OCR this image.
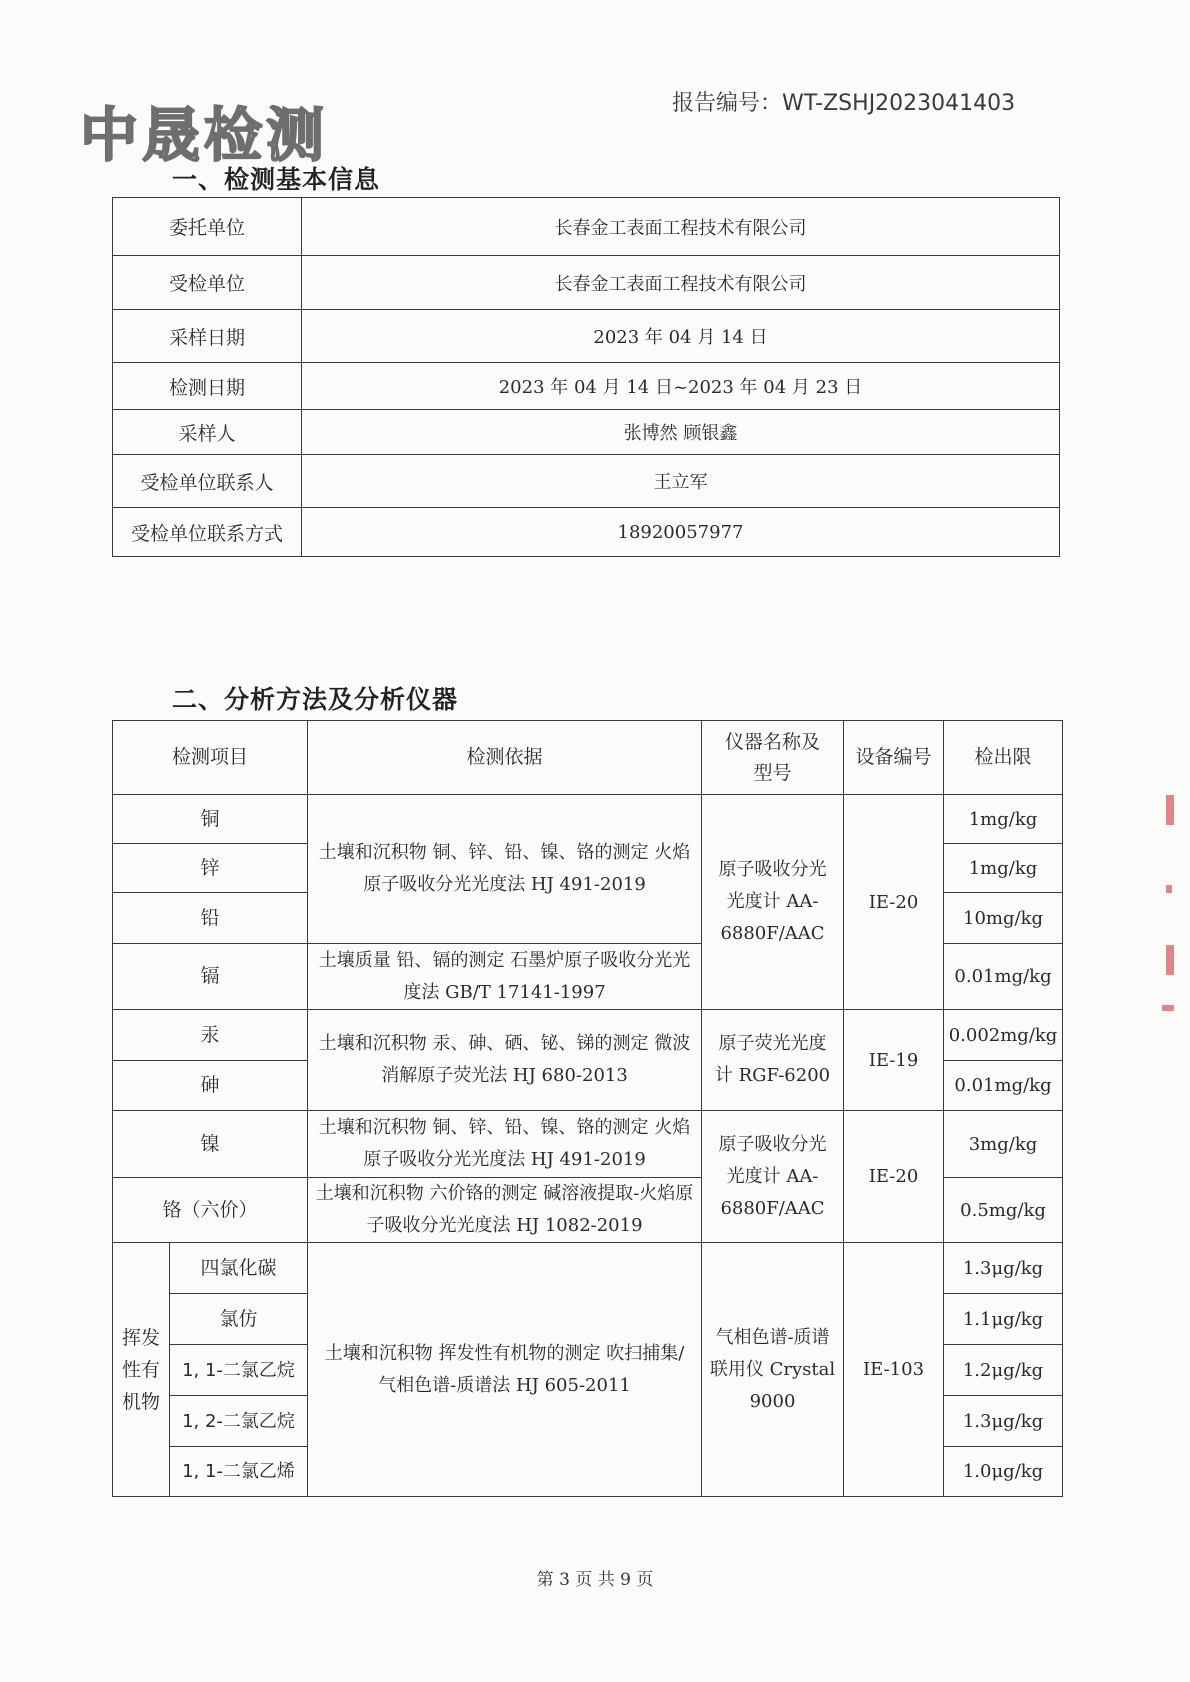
中晟检测	报告编号：WT-ZSHJ2023041403
一、检测基本信息
委托单位	长春金工表面工程技术有限公司
受检单位	长春金工表面工程技术有限公司
采样日期	2023 年 04 月 14 日
检测日期	2023 年 04 月 14 日~2023 年 04 月 23 日
采样人	张博然 顾银鑫
受检单位联系人	王立军
受检单位联系方式	18920057977
二、分析方法及分析仪器
检测项目		检测依据	仪器名称及型号	设备编号	检出限
铜		土壤和沉积物 铜、锌、铅、镍、铬的测定 火焰原子吸收分光光度法 HJ 491-2019	原子吸收分光光度计 AA-6880F/AAC	IE-20	1mg/kg
锌					1mg/kg
铅					10mg/kg
镉		土壤质量 铅、镉的测定 石墨炉原子吸收分光光度法 GB/T 17141-1997			0.01mg/kg
汞		土壤和沉积物 汞、砷、硒、铋、锑的测定 微波消解原子荧光法 HJ 680-2013	原子荧光光度计 RGF-6200	IE-19	0.002mg/kg
砷					0.01mg/kg
镍		土壤和沉积物 铜、锌、铅、镍、铬的测定 火焰原子吸收分光光度法 HJ 491-2019	原子吸收分光光度计 AA-6880F/AAC	IE-20	3mg/kg
铬（六价）		土壤和沉积物 六价铬的测定 碱溶液提取-火焰原子吸收分光光度法 HJ 1082-2019			0.5mg/kg
挥发性有机物	四氯化碳	土壤和沉积物 挥发性有机物的测定 吹扫捕集/气相色谱-质谱法 HJ 605-2011	气相色谱-质谱联用仪 Crystal 9000	IE-103	1.3μg/kg
	氯仿				1.1μg/kg
	1, 1-二氯乙烷				1.2μg/kg
	1, 2-二氯乙烷				1.3μg/kg
	1, 1-二氯乙烯				1.0μg/kg
第 3 页 共 9 页
